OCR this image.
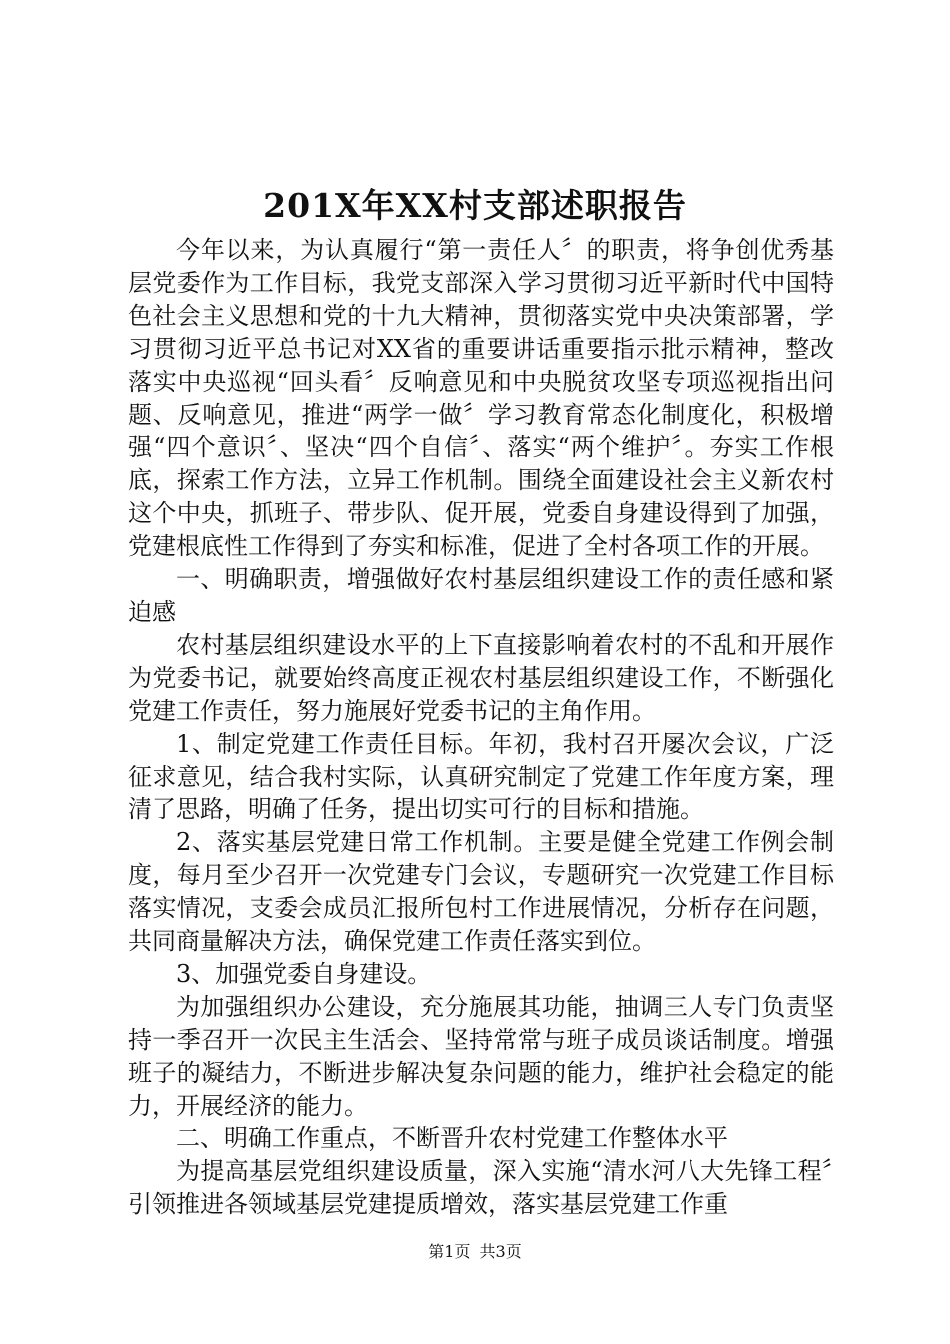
201X年XX村支部述职报告

今年以来，为认真履行“第一责任人〞的职责，将争创优秀基层党委作为工作目标，我党支部深入学习贯彻习近平新时代中国特色社会主义思想和党的十九大精神，贯彻落实党中央决策部署，学习贯彻习近平总书记对XX省的重要讲话重要指示批示精神，整改落实中央巡视“回头看〞反响意见和中央脱贫攻坚专项巡视指出问题、反响意见，推进“两学一做〞学习教育常态化制度化，积极增强“四个意识〞、坚决“四个自信〞、落实“两个维护〞。夯实工作根底，探索工作方法，立异工作机制。围绕全面建设社会主义新农村这个中央，抓班子、带步队、促开展，党委自身建设得到了加强，党建根底性工作得到了夯实和标准，促进了全村各项工作的开展。

一、明确职责，增强做好农村基层组织建设工作的责任感和紧迫感

农村基层组织建设水平的上下直接影响着农村的不乱和开展作为党委书记，就要始终高度正视农村基层组织建设工作，不断强化党建工作责任，努力施展好党委书记的主角作用。

1、制定党建工作责任目标。年初，我村召开屡次会议，广泛征求意见，结合我村实际，认真研究制定了党建工作年度方案，理清了思路，明确了任务，提出切实可行的目标和措施。

2、落实基层党建日常工作机制。主要是健全党建工作例会制度，每月至少召开一次党建专门会议，专题研究一次党建工作目标落实情况，支委会成员汇报所包村工作进展情况，分析存在问题，共同商量解决方法，确保党建工作责任落实到位。

3、加强党委自身建设。

为加强组织办公建设，充分施展其功能，抽调三人专门负责坚持一季召开一次民主生活会、坚持常常与班子成员谈话制度。增强班子的凝结力，不断进步解决复杂问题的能力，维护社会稳定的能力，开展经济的能力。

二、明确工作重点，不断晋升农村党建工作整体水平

为提高基层党组织建设质量，深入实施“清水河八大先锋工程〞引领推进各领域基层党建提质增效，落实基层党建工作重

第1页 共3页
